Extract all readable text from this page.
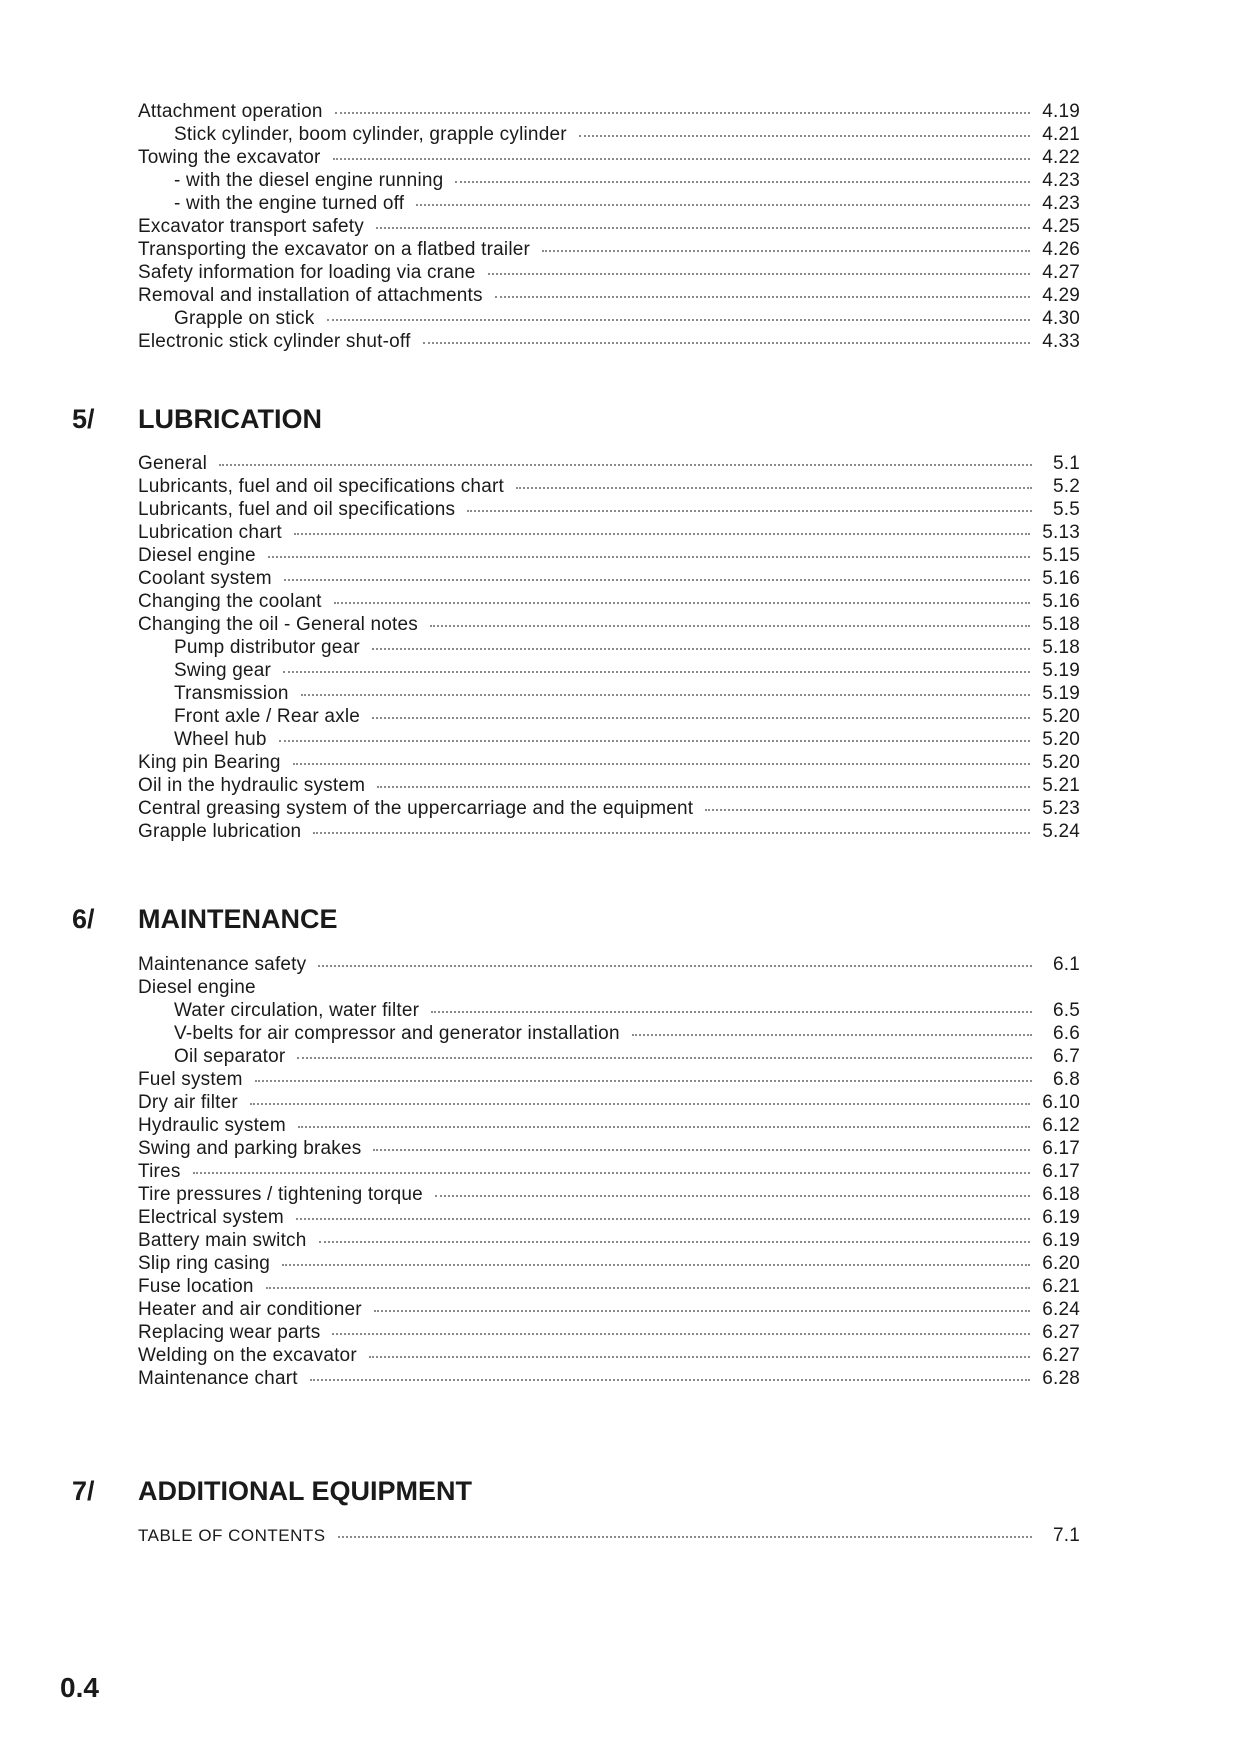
Attachment operation	4.19
Stick cylinder, boom cylinder, grapple cylinder	4.21
Towing the excavator	4.22
- with the diesel engine running	4.23
- with the engine turned off	4.23
Excavator transport safety	4.25
Transporting the excavator on a flatbed trailer	4.26
Safety information for loading via crane	4.27
Removal and installation of attachments	4.29
Grapple on stick	4.30
Electronic stick cylinder shut-off	4.33
5/	LUBRICATION
General	5.1
Lubricants, fuel and oil specifications chart	5.2
Lubricants, fuel and oil specifications	5.5
Lubrication chart	5.13
Diesel engine	5.15
Coolant system	5.16
Changing the coolant	5.16
Changing the oil - General notes	5.18
Pump distributor gear	5.18
Swing gear	5.19
Transmission	5.19
Front axle / Rear axle	5.20
Wheel hub	5.20
King pin Bearing	5.20
Oil in the hydraulic system	5.21
Central greasing system of the uppercarriage and the equipment	5.23
Grapple lubrication	5.24
6/	MAINTENANCE
Maintenance safety	6.1
Diesel engine
Water circulation, water filter	6.5
V-belts for air compressor and generator installation	6.6
Oil separator	6.7
Fuel system	6.8
Dry air filter	6.10
Hydraulic system	6.12
Swing and parking brakes	6.17
Tires	6.17
Tire pressures / tightening torque	6.18
Electrical system	6.19
Battery main switch	6.19
Slip ring casing	6.20
Fuse location	6.21
Heater and air conditioner	6.24
Replacing wear parts	6.27
Welding on the excavator	6.27
Maintenance chart	6.28
7/	ADDITIONAL EQUIPMENT
TABLE OF CONTENTS	7.1
0.4
